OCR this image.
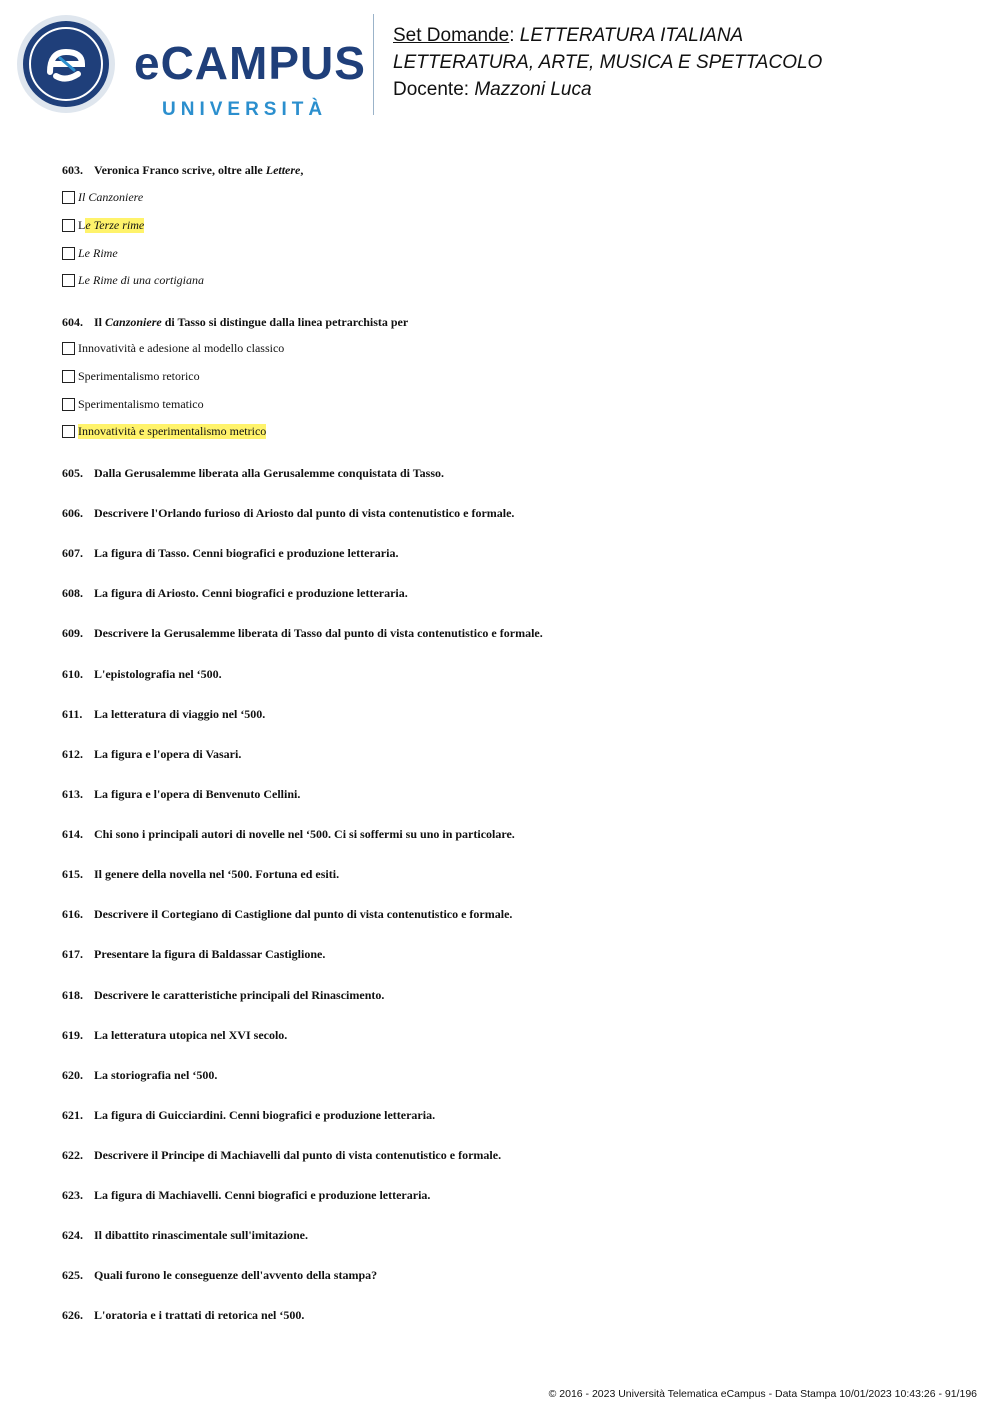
eCAMPUS
UNIVERSITÀ
Set Domande: LETTERATURA ITALIANA
LETTERATURA, ARTE, MUSICA E SPETTACOLO
Docente: Mazzoni Luca
603. Veronica Franco scrive, oltre alle Lettere,
Il Canzoniere
L e Terze rime
Le Rime
Le Rime di una cortigiana
604. Il Canzoniere di Tasso si distingue dalla linea petrarchista per
Innovatività e adesione al modello classico
Sperimentalismo retorico
Sperimentalismo tematico
Innovatività e sperimentalismo metrico
605. Dalla Gerusalemme liberata alla Gerusalemme conquistata di Tasso.
606. Descrivere l'Orlando furioso di Ariosto dal punto di vista contenutistico e formale.
607. La figura di Tasso. Cenni biografici e produzione letteraria.
608. La figura di Ariosto. Cenni biografici e produzione letteraria.
609. Descrivere la Gerusalemme liberata di Tasso dal punto di vista contenutistico e formale.
610. L'epistolografia nel ‘500.
611. La letteratura di viaggio nel ‘500.
612. La figura e l'opera di Vasari.
613. La figura e l'opera di Benvenuto Cellini.
614. Chi sono i principali autori di novelle nel ‘500. Ci si soffermi su uno in particolare.
615. Il genere della novella nel ‘500. Fortuna ed esiti.
616. Descrivere il Cortegiano di Castiglione dal punto di vista contenutistico e formale.
617. Presentare la figura di Baldassar Castiglione.
618. Descrivere le caratteristiche principali del Rinascimento.
619. La letteratura utopica nel XVI secolo.
620. La storiografia nel ‘500.
621. La figura di Guicciardini. Cenni biografici e produzione letteraria.
622. Descrivere il Principe di Machiavelli dal punto di vista contenutistico e formale.
623. La figura di Machiavelli. Cenni biografici e produzione letteraria.
624. Il dibattito rinascimentale sull'imitazione.
625. Quali furono le conseguenze dell'avvento della stampa?
626. L'oratoria e i trattati di retorica nel ‘500.
© 2016 - 2023 Università Telematica eCampus - Data Stampa 10/01/2023 10:43:26 - 91/196
